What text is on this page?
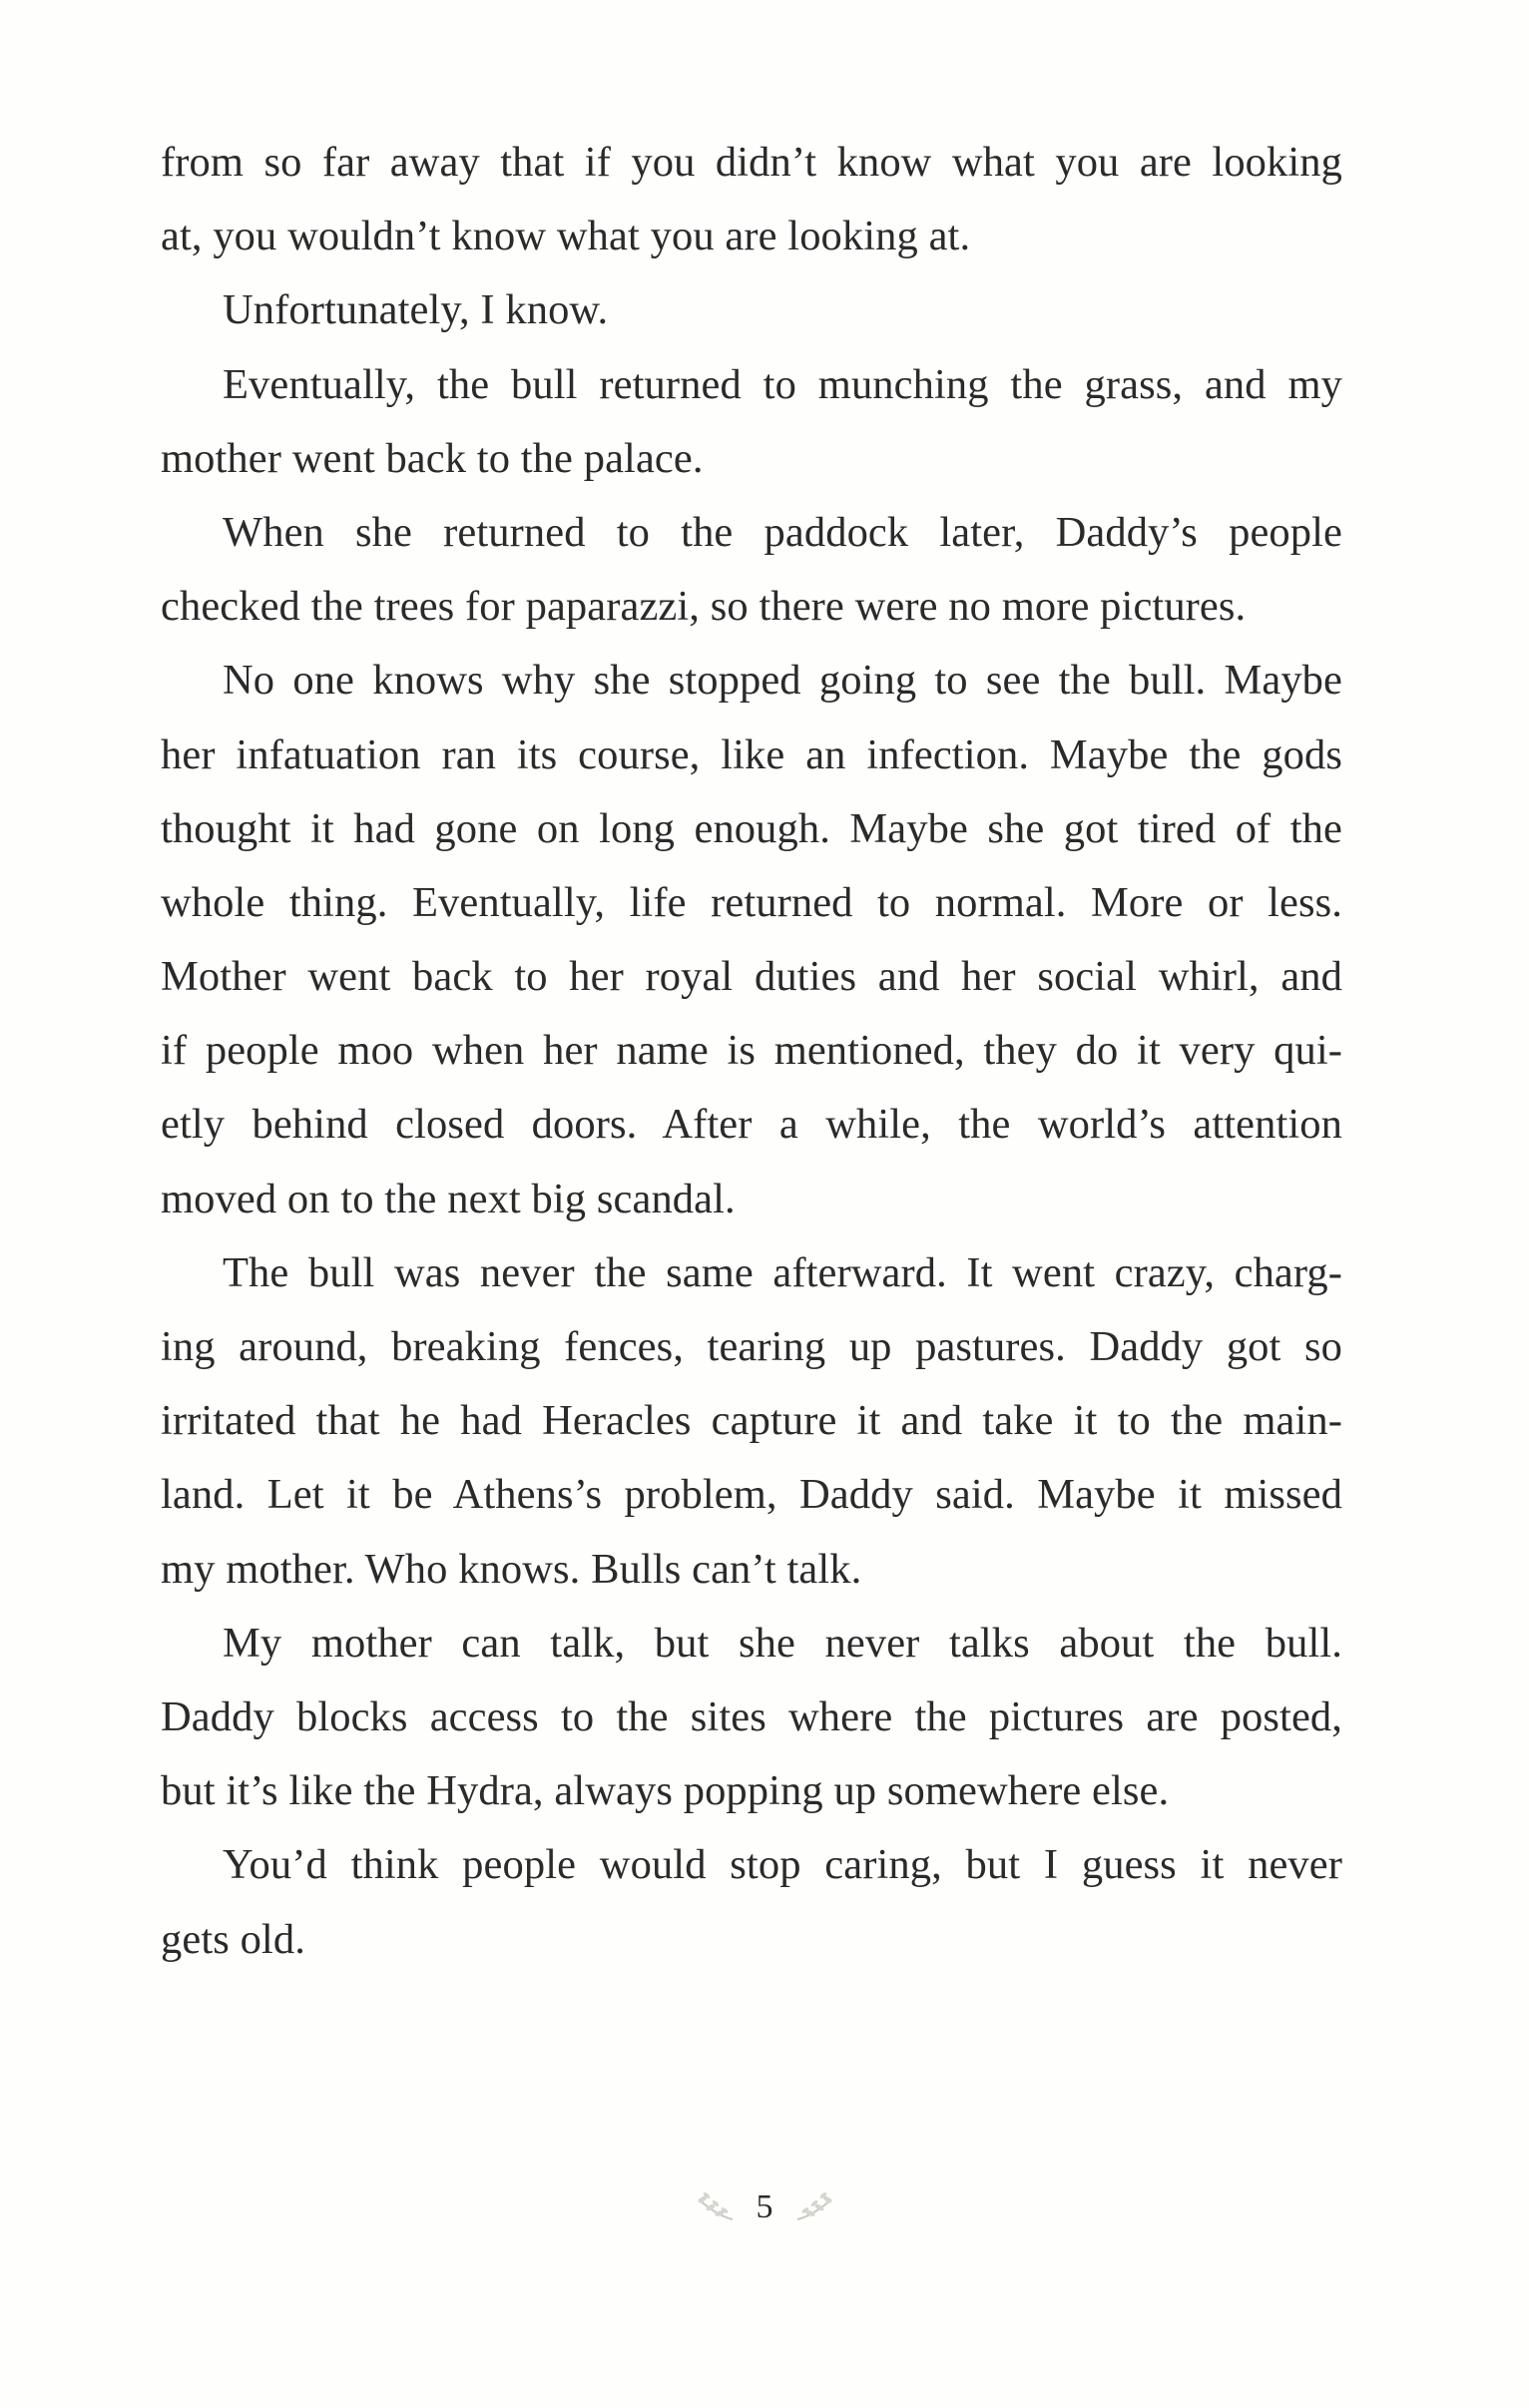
from so far away that if you didn’t know what you are looking
at, you wouldn’t know what you are looking at.
Unfortunately, I know.
Eventually, the bull returned to munching the grass, and my
mother went back to the palace.
When she returned to the paddock later, Daddy’s people
checked the trees for paparazzi, so there were no more pictures.
No one knows why she stopped going to see the bull. Maybe
her infatuation ran its course, like an infection. Maybe the gods
thought it had gone on long enough. Maybe she got tired of the
whole thing. Eventually, life returned to normal. More or less.
Mother went back to her royal duties and her social whirl, and
if people moo when her name is mentioned, they do it very qui-
etly behind closed doors. After a while, the world’s attention
moved on to the next big scandal.
The bull was never the same afterward. It went crazy, charg-
ing around, breaking fences, tearing up pastures. Daddy got so
irritated that he had Heracles capture it and take it to the main-
land. Let it be Athens’s problem, Daddy said. Maybe it missed
my mother. Who knows. Bulls can’t talk.
My mother can talk, but she never talks about the bull.
Daddy blocks access to the sites where the pictures are posted,
but it’s like the Hydra, always popping up somewhere else.
You’d think people would stop caring, but I guess it never
gets old.
5
